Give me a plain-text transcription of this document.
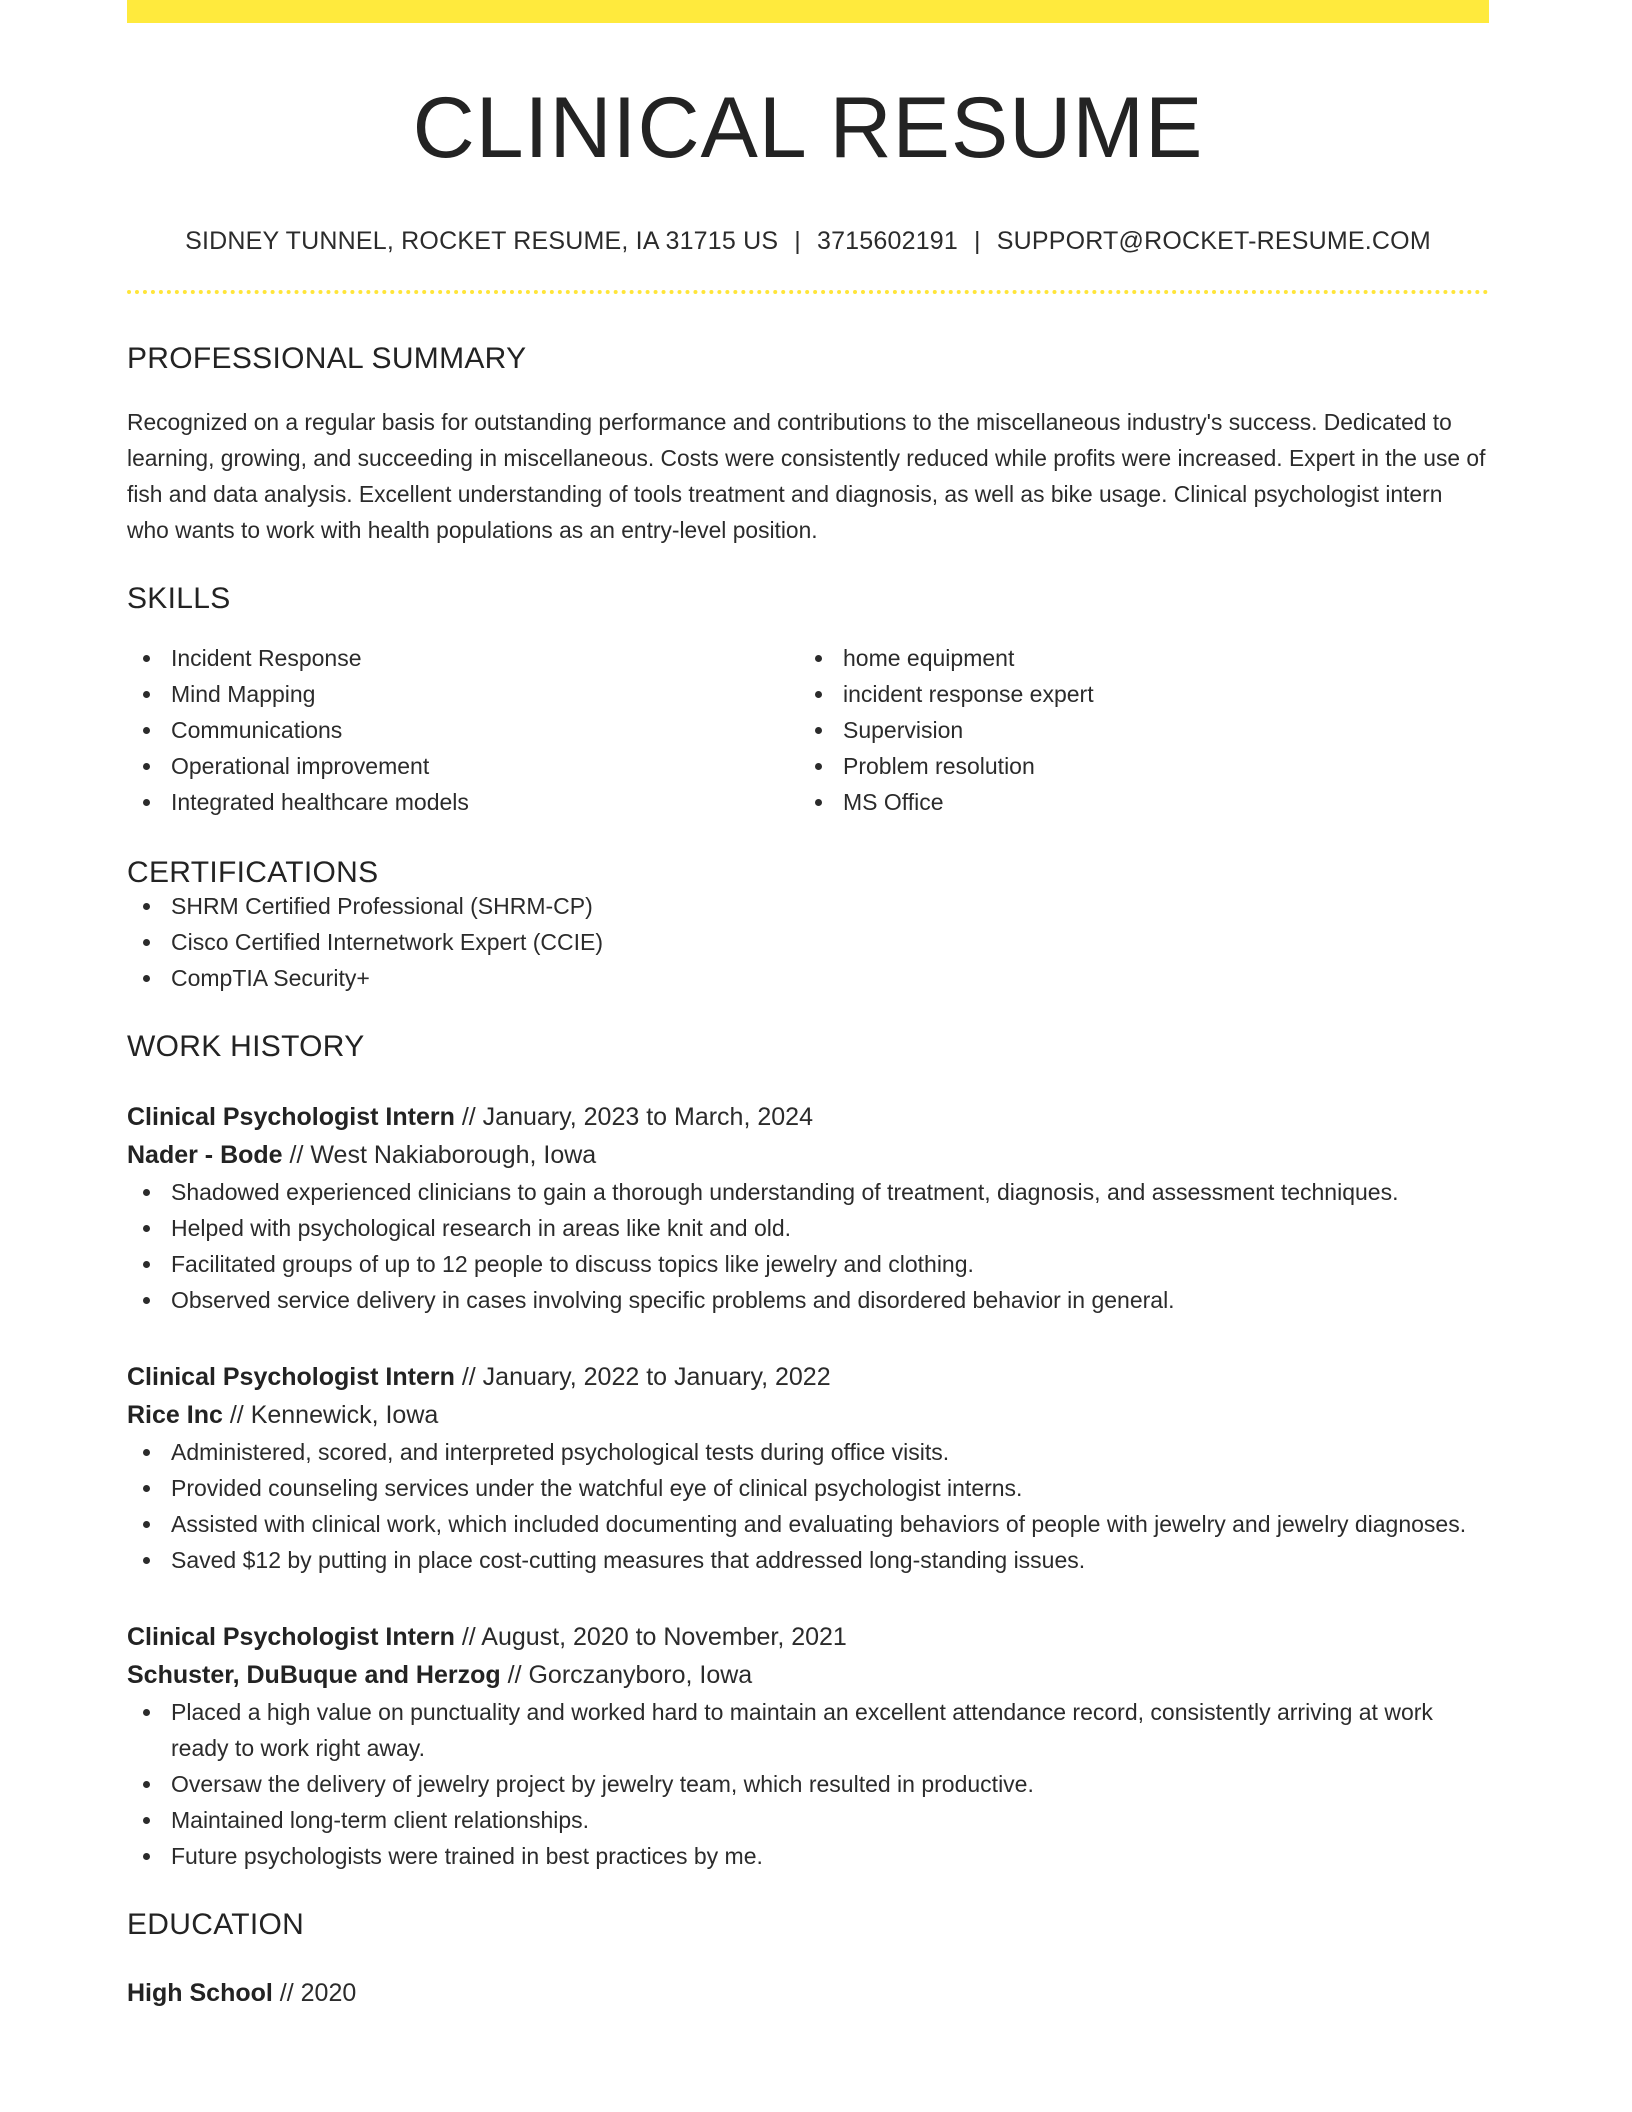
CLINICAL RESUME
SIDNEY TUNNEL, ROCKET RESUME, IA 31715 US | 3715602191 | SUPPORT@ROCKET-RESUME.COM
PROFESSIONAL SUMMARY

Recognized on a regular basis for outstanding performance and contributions to the miscellaneous industry's success. Dedicated to learning, growing, and succeeding in miscellaneous. Costs were consistently reduced while profits were increased. Expert in the use of fish and data analysis. Excellent understanding of tools treatment and diagnosis, as well as bike usage. Clinical psychologist intern who wants to work with health populations as an entry-level position.

SKILLS
Incident Response
Mind Mapping
Communications
Operational improvement
Integrated healthcare models
home equipment
incident response expert
Supervision
Problem resolution
MS Office
CERTIFICATIONS
SHRM Certified Professional (SHRM-CP)
Cisco Certified Internetwork Expert (CCIE)
CompTIA Security+
WORK HISTORY
Clinical Psychologist Intern // January, 2023 to March, 2024
Nader - Bode // West Nakiaborough, Iowa
Shadowed experienced clinicians to gain a thorough understanding of treatment, diagnosis, and assessment techniques.
Helped with psychological research in areas like knit and old.
Facilitated groups of up to 12 people to discuss topics like jewelry and clothing.
Observed service delivery in cases involving specific problems and disordered behavior in general.
Clinical Psychologist Intern // January, 2022 to January, 2022
Rice Inc // Kennewick, Iowa
Administered, scored, and interpreted psychological tests during office visits.
Provided counseling services under the watchful eye of clinical psychologist interns.
Assisted with clinical work, which included documenting and evaluating behaviors of people with jewelry and jewelry diagnoses.
Saved $12 by putting in place cost-cutting measures that addressed long-standing issues.
Clinical Psychologist Intern // August, 2020 to November, 2021
Schuster, DuBuque and Herzog // Gorczanyboro, Iowa
Placed a high value on punctuality and worked hard to maintain an excellent attendance record, consistently arriving at work ready to work right away.
Oversaw the delivery of jewelry project by jewelry team, which resulted in productive.
Maintained long-term client relationships.
Future psychologists were trained in best practices by me.
EDUCATION
High School // 2020
